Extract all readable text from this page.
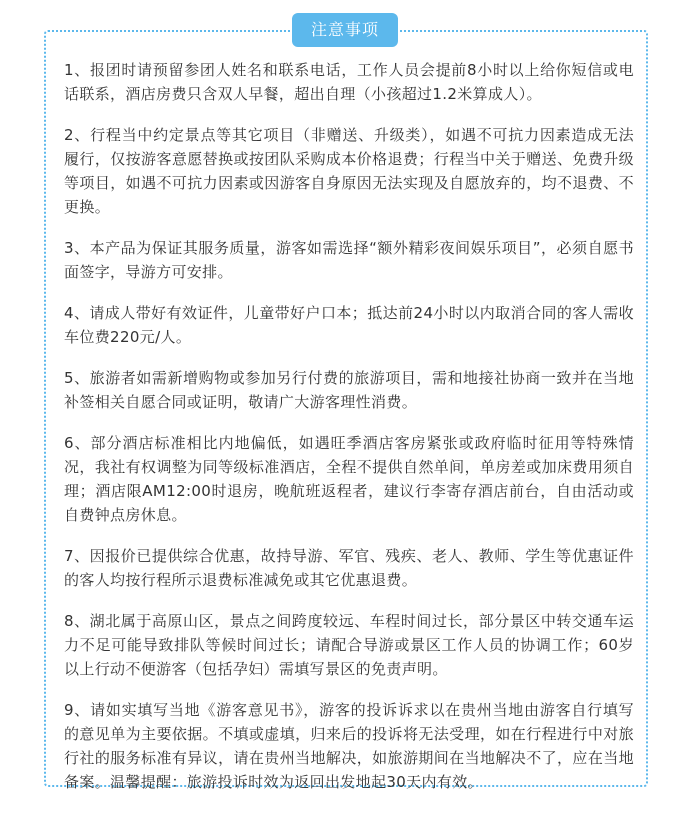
注意事项

1、报团时请预留参团人姓名和联系电话，工作人员会提前8小时以上给你短信或电话联系，酒店房费只含双人早餐，超出自理（小孩超过1.2米算成人）。

2、行程当中约定景点等其它项目（非赠送、升级类），如遇不可抗力因素造成无法履行，仅按游客意愿替换或按团队采购成本价格退费；行程当中关于赠送、免费升级等项目，如遇不可抗力因素或因游客自身原因无法实现及自愿放弃的，均不退费、不更换。

3、本产品为保证其服务质量，游客如需选择“额外精彩夜间娱乐项目”，必须自愿书面签字，导游方可安排。

4、请成人带好有效证件，儿童带好户口本；抵达前24小时以内取消合同的客人需收车位费220元/人。

5、旅游者如需新增购物或参加另行付费的旅游项目，需和地接社协商一致并在当地补签相关自愿合同或证明，敬请广大游客理性消费。

6、部分酒店标准相比内地偏低，如遇旺季酒店客房紧张或政府临时征用等特殊情况，我社有权调整为同等级标准酒店，全程不提供自然单间，单房差或加床费用须自理；酒店限AM12:00时退房，晚航班返程者，建议行李寄存酒店前台，自由活动或自费钟点房休息。

7、因报价已提供综合优惠，故持导游、军官、残疾、老人、教师、学生等优惠证件的客人均按行程所示退费标准减免或其它优惠退费。

8、湖北属于高原山区，景点之间跨度较远、车程时间过长，部分景区中转交通车运力不足可能导致排队等候时间过长；请配合导游或景区工作人员的协调工作；60岁以上行动不便游客（包括孕妇）需填写景区的免责声明。

9、请如实填写当地《游客意见书》，游客的投诉诉求以在贵州当地由游客自行填写的意见单为主要依据。不填或虚填，归来后的投诉将无法受理，如在行程进行中对旅行社的服务标准有异议，请在贵州当地解决，如旅游期间在当地解决不了，应在当地备案。温馨提醒：旅游投诉时效为返回出发地起30天内有效。
